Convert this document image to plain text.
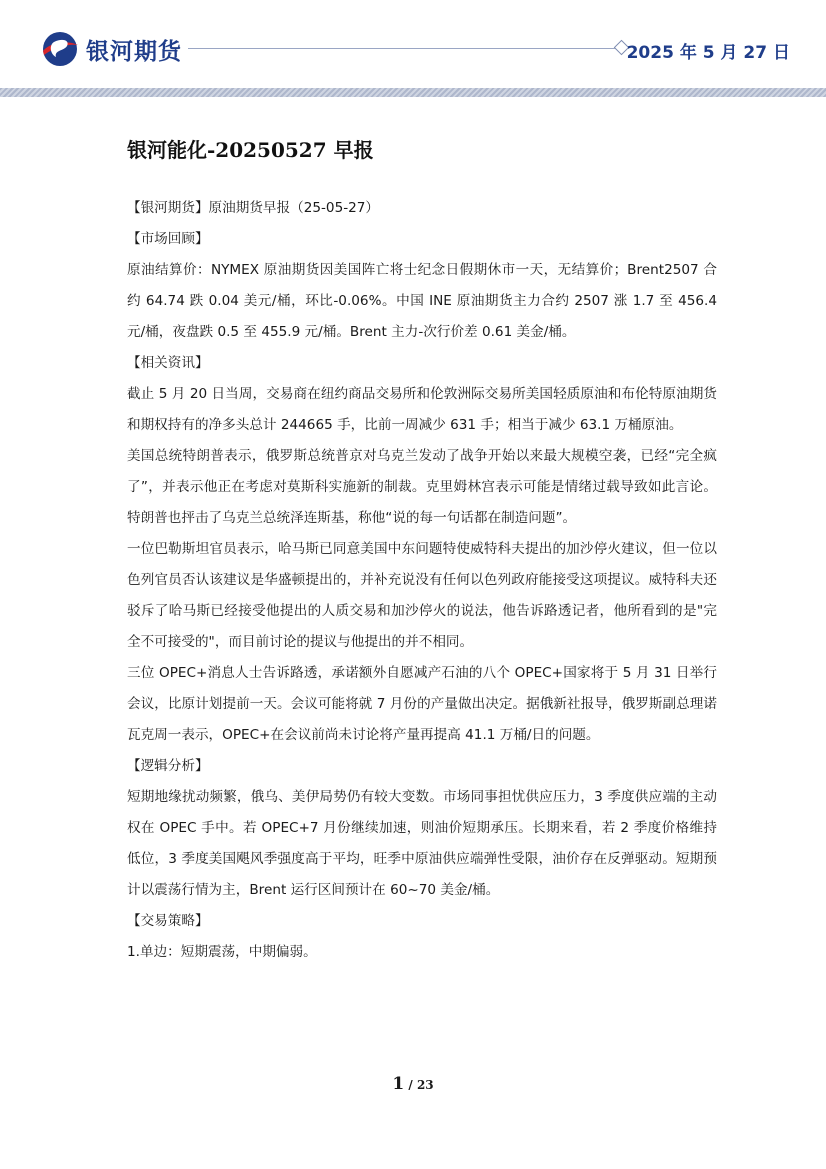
银河期货	2025 年 5 月 27 日
银河能化-20250527 早报

【银河期货】原油期货早报（25-05-27）

【市场回顾】

原油结算价：NYMEX 原油期货因美国阵亡将士纪念日假期休市一天，无结算价；Brent2507 合约 64.74 跌 0.04 美元/桶，环比-0.06%。中国 INE 原油期货主力合约 2507 涨 1.7 至 456.4 元/桶，夜盘跌 0.5 至 455.9 元/桶。Brent 主力-次行价差 0.61 美金/桶。

【相关资讯】

截止 5 月 20 日当周，交易商在纽约商品交易所和伦敦洲际交易所美国轻质原油和布伦特原油期货和期权持有的净多头总计 244665 手，比前一周减少 631 手；相当于减少 63.1 万桶原油。

美国总统特朗普表示，俄罗斯总统普京对乌克兰发动了战争开始以来最大规模空袭，已经“完全疯了”，并表示他正在考虑对莫斯科实施新的制裁。克里姆林宫表示可能是情绪过载导致如此言论。特朗普也抨击了乌克兰总统泽连斯基，称他“说的每一句话都在制造问题”。

一位巴勒斯坦官员表示，哈马斯已同意美国中东问题特使威特科夫提出的加沙停火建议，但一位以色列官员否认该建议是华盛顿提出的，并补充说没有任何以色列政府能接受这项提议。威特科夫还驳斥了哈马斯已经接受他提出的人质交易和加沙停火的说法，他告诉路透记者，他所看到的是"完全不可接受的"，而目前讨论的提议与他提出的并不相同。

三位 OPEC+消息人士告诉路透，承诺额外自愿减产石油的八个 OPEC+国家将于 5 月 31 日举行会议，比原计划提前一天。会议可能将就 7 月份的产量做出决定。据俄新社报导，俄罗斯副总理诺瓦克周一表示，OPEC+在会议前尚未讨论将产量再提高 41.1 万桶/日的问题。

【逻辑分析】

短期地缘扰动频繁，俄乌、美伊局势仍有较大变数。市场同事担忧供应压力，3 季度供应端的主动权在 OPEC 手中。若 OPEC+7 月份继续加速，则油价短期承压。长期来看，若 2 季度价格维持低位，3 季度美国飓风季强度高于平均，旺季中原油供应端弹性受限，油价存在反弹驱动。短期预计以震荡行情为主，Brent 运行区间预计在 60~70 美金/桶。

【交易策略】

1.单边：短期震荡，中期偏弱。

1 / 23
